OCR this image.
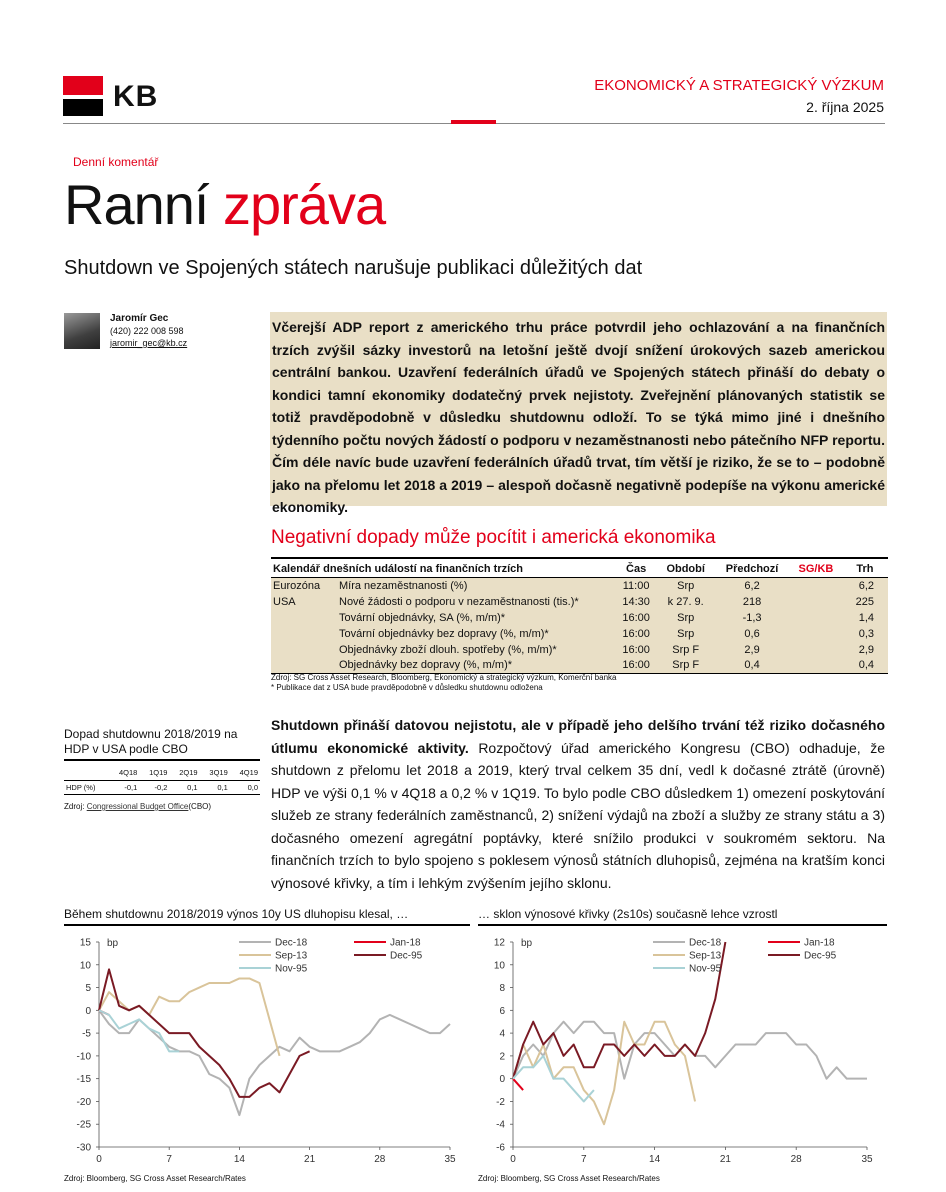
KB	EKONOMICKÝ A STRATEGICKÝ VÝZKUM
2. října 2025
Denní komentář
Ranní zpráva
Shutdown ve Spojených státech narušuje publikaci důležitých dat
Jaromír Gec
(420) 222 008 598
jaromir_gec@kb.cz
Včerejší ADP report z amerického trhu práce potvrdil jeho ochlazování a na finančních trzích zvýšil sázky investorů na letošní ještě dvojí snížení úrokových sazeb americkou centrální bankou. Uzavření federálních úřadů ve Spojených státech přináší do debaty o kondici tamní ekonomiky dodatečný prvek nejistoty. Zveřejnění plánovaných statistik se totiž pravděpodobně v důsledku shutdownu odloží. To se týká mimo jiné i dnešního týdenního počtu nových žádostí o podporu v nezaměstnanosti nebo pátečního NFP reportu. Čím déle navíc bude uzavření federálních úřadů trvat, tím větší je riziko, že se to – podobně jako na přelomu let 2018 a 2019 – alespoň dočasně negativně podepíše na výkonu americké ekonomiky.
Negativní dopady může pocítit i americká ekonomika
Kalendář dnešních událostí na finančních trzích		Čas	Období	Předchozí	SG/KB	Trh
Eurozóna	Míra nezaměstnanosti (%)	11:00	Srp	6,2		6,2
USA	Nové žádosti o podporu v nezaměstnanosti (tis.)*	14:30	k 27. 9.	218		225
	Tovární objednávky, SA (%, m/m)*	16:00	Srp	-1,3		1,4
	Tovární objednávky bez dopravy (%, m/m)*	16:00	Srp	0,6		0,3
	Objednávky zboží dlouh. spotřeby (%, m/m)*	16:00	Srp F	2,9		2,9
	Objednávky bez dopravy (%, m/m)*	16:00	Srp F	0,4		0,4
Zdroj: SG Cross Asset Research, Bloomberg, Ekonomický a strategický výzkum, Komerční banka
* Publikace dat z USA bude pravděpodobně v důsledku shutdownu odložena
Dopad shutdownu 2018/2019 na HDP v USA podle CBO
	4Q18	1Q19	2Q19	3Q19	4Q19
HDP (%)	-0,1	-0,2	0,1	0,1	0,0
Zdroj: Congressional Budget Office(CBO)
Shutdown přináší datovou nejistotu, ale v případě jeho delšího trvání též riziko dočasného útlumu ekonomické aktivity. Rozpočtový úřad amerického Kongresu (CBO) odhaduje, že shutdown z přelomu let 2018 a 2019, který trval celkem 35 dní, vedl k dočasné ztrátě (úrovně) HDP ve výši 0,1 % v 4Q18 a 0,2 % v 1Q19. To bylo podle CBO důsledkem 1) omezení poskytování služeb ze strany federálních zaměstnanců, 2) snížení výdajů na zboží a služby ze strany státu a 3) dočasného omezení agregátní poptávky, které snížilo produkci v soukromém sektoru. Na finančních trzích to bylo spojeno s poklesem výnosů státních dluhopisů, zejména na kratším konci výnosové křivky, a tím i lehkým zvýšením jejího sklonu.
Během shutdownu 2018/2019 výnos 10y US dluhopisu klesal, …
15
10
5
0
-5
-10
-15
-20
-25
-30
0	7	14	21	28	35
bp	Dec-18	Jan-18
Sep-13	Dec-95
Nov-95
Zdroj: Bloomberg, SG Cross Asset Research/Rates
… sklon výnosové křivky (2s10s) současně lehce vzrostl
12
10
8
6
4
2
0
-2
-4
-6
0	7	14	21	28	35
bp	Dec-18	Jan-18
Sep-13	Dec-95
Nov-95
Zdroj: Bloomberg, SG Cross Asset Research/Rates
